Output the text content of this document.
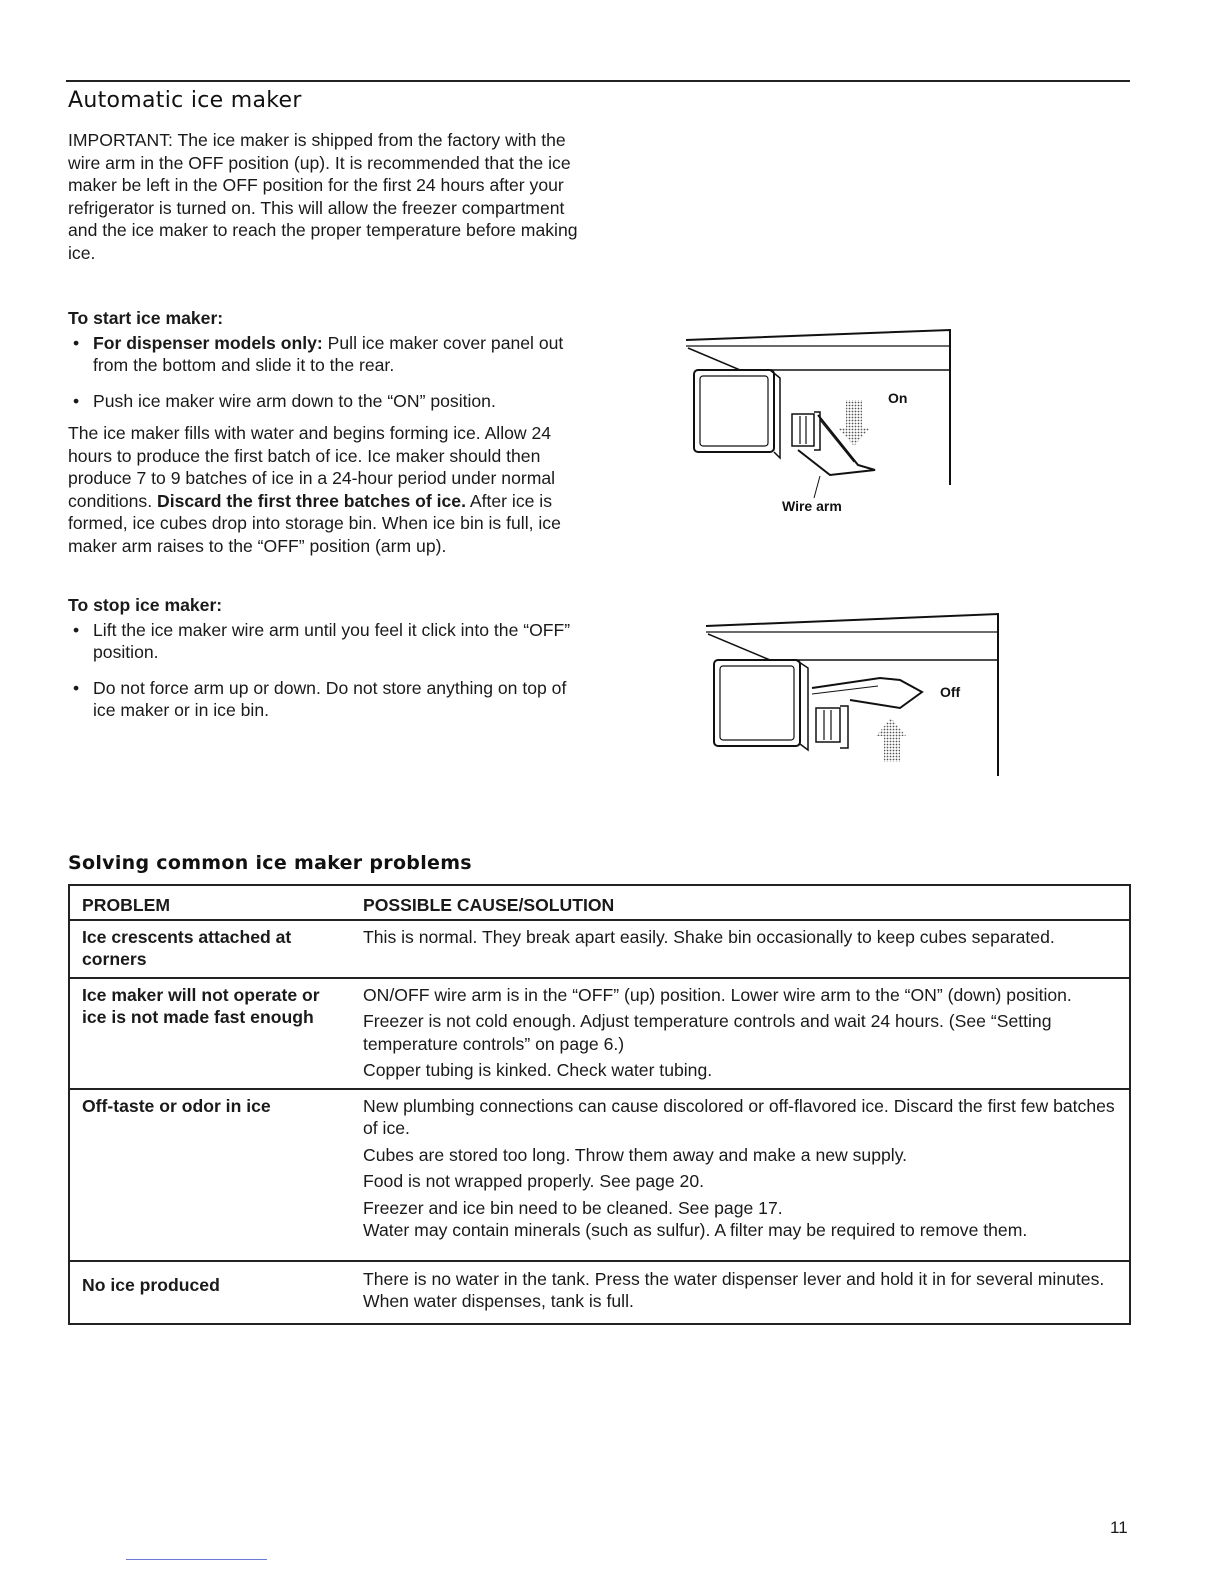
Automatic ice maker

IMPORTANT: The ice maker is shipped from the factory with the wire arm in the OFF position (up). It is recommended that the ice maker be left in the OFF position for the first 24 hours after your refrigerator is turned on. This will allow the freezer compartment and the ice maker to reach the proper temperature before making ice.

To start ice maker:

• For dispenser models only: Pull ice maker cover panel out from the bottom and slide it to the rear.
• Push ice maker wire arm down to the “ON” position.

The ice maker fills with water and begins forming ice. Allow 24 hours to produce the first batch of ice. Ice maker should then produce 7 to 9 batches of ice in a 24-hour period under normal conditions. Discard the first three batches of ice. After ice is formed, ice cubes drop into storage bin. When ice bin is full, ice maker arm raises to the “OFF” position (arm up).

To stop ice maker:

• Lift the ice maker wire arm until you feel it click into the “OFF” position.
• Do not force arm up or down. Do not store anything on top of ice maker or in ice bin.
On
Wire arm
Off
Solving common ice maker problems
PROBLEM	POSSIBLE CAUSE/SOLUTION
Ice crescents attached at corners	This is normal. They break apart easily. Shake bin occasionally to keep cubes separated.

Ice maker will not operate or ice is not made fast enough	ON/OFF wire arm is in the “OFF” (up) position. Lower wire arm to the “ON” (down) position.
Freezer is not cold enough. Adjust temperature controls and wait 24 hours. (See “Setting temperature controls” on page 6.)
Copper tubing is kinked. Check water tubing.

Off-taste or odor in ice	New plumbing connections can cause discolored or off-flavored ice. Discard the first few batches of ice.
Cubes are stored too long. Throw them away and make a new supply.
Food is not wrapped properly. See page 20.
Freezer and ice bin need to be cleaned. See page 17.
Water may contain minerals (such as sulfur). A filter may be required to remove them.

No ice produced	There is no water in the tank. Press the water dispenser lever and hold it in for several minutes. When water dispenses, tank is full.
11
